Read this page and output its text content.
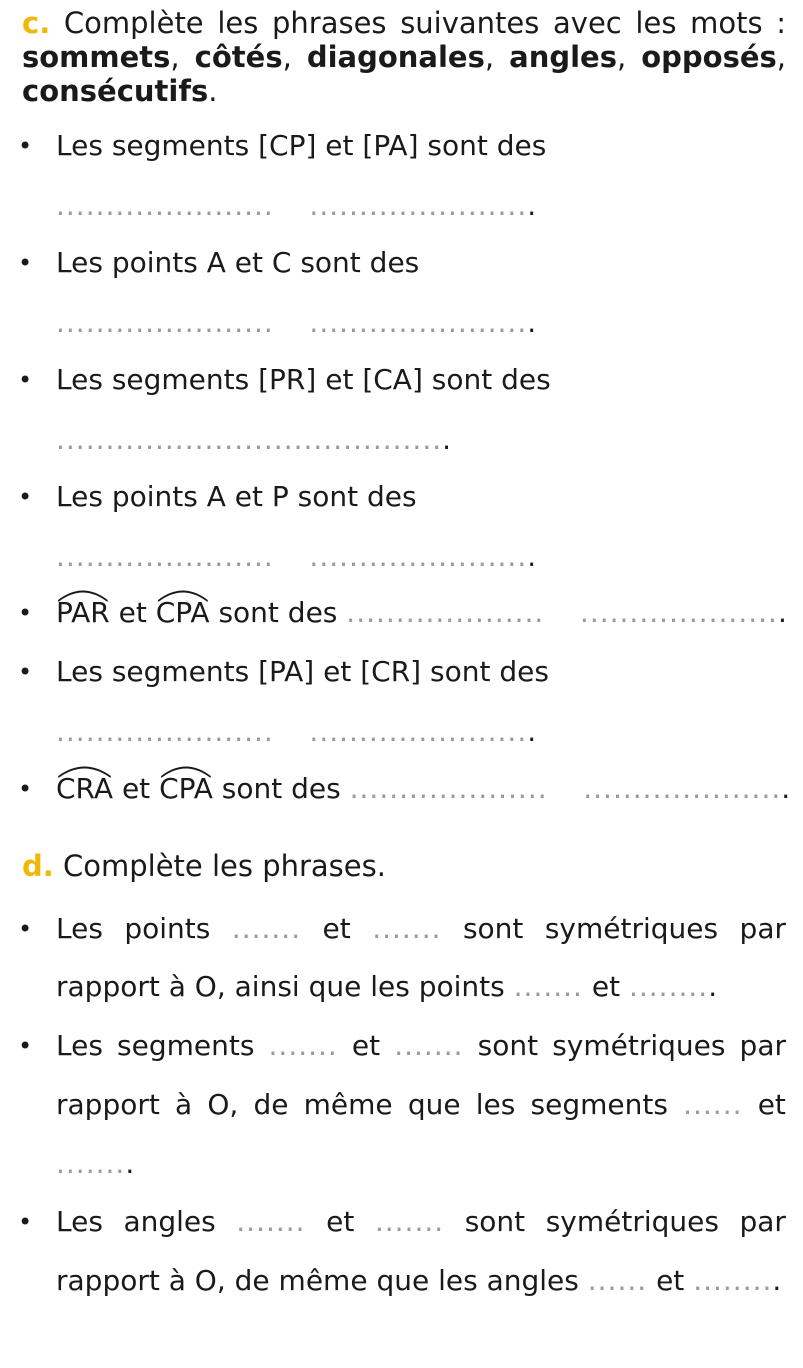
c. Complète les phrases suivantes avec les mots : sommets, côtés, diagonales, angles, opposés, consécutifs.
• Les segments [CP] et [PA] sont des
...................... .......................
• Les points A et C sont des
...................... .......................
• Les segments [PR] et [CA] sont des
........................................
• Les points A et P sont des
...................... .......................
• PAR et CPA sont des .................... .....................
• Les segments [PA] et [CR] sont des
...................... .......................
• CRA et CPA sont des .................... .....................
d. Complète les phrases.
• Les points ....... et ....... sont symétriques par
rapport à O, ainsi que les points ....... et .........
• Les segments ....... et ....... sont symétriques par
rapport à O, de même que les segments ...... et
........
• Les angles ....... et ....... sont symétriques par
rapport à O, de même que les angles ...... et .........
